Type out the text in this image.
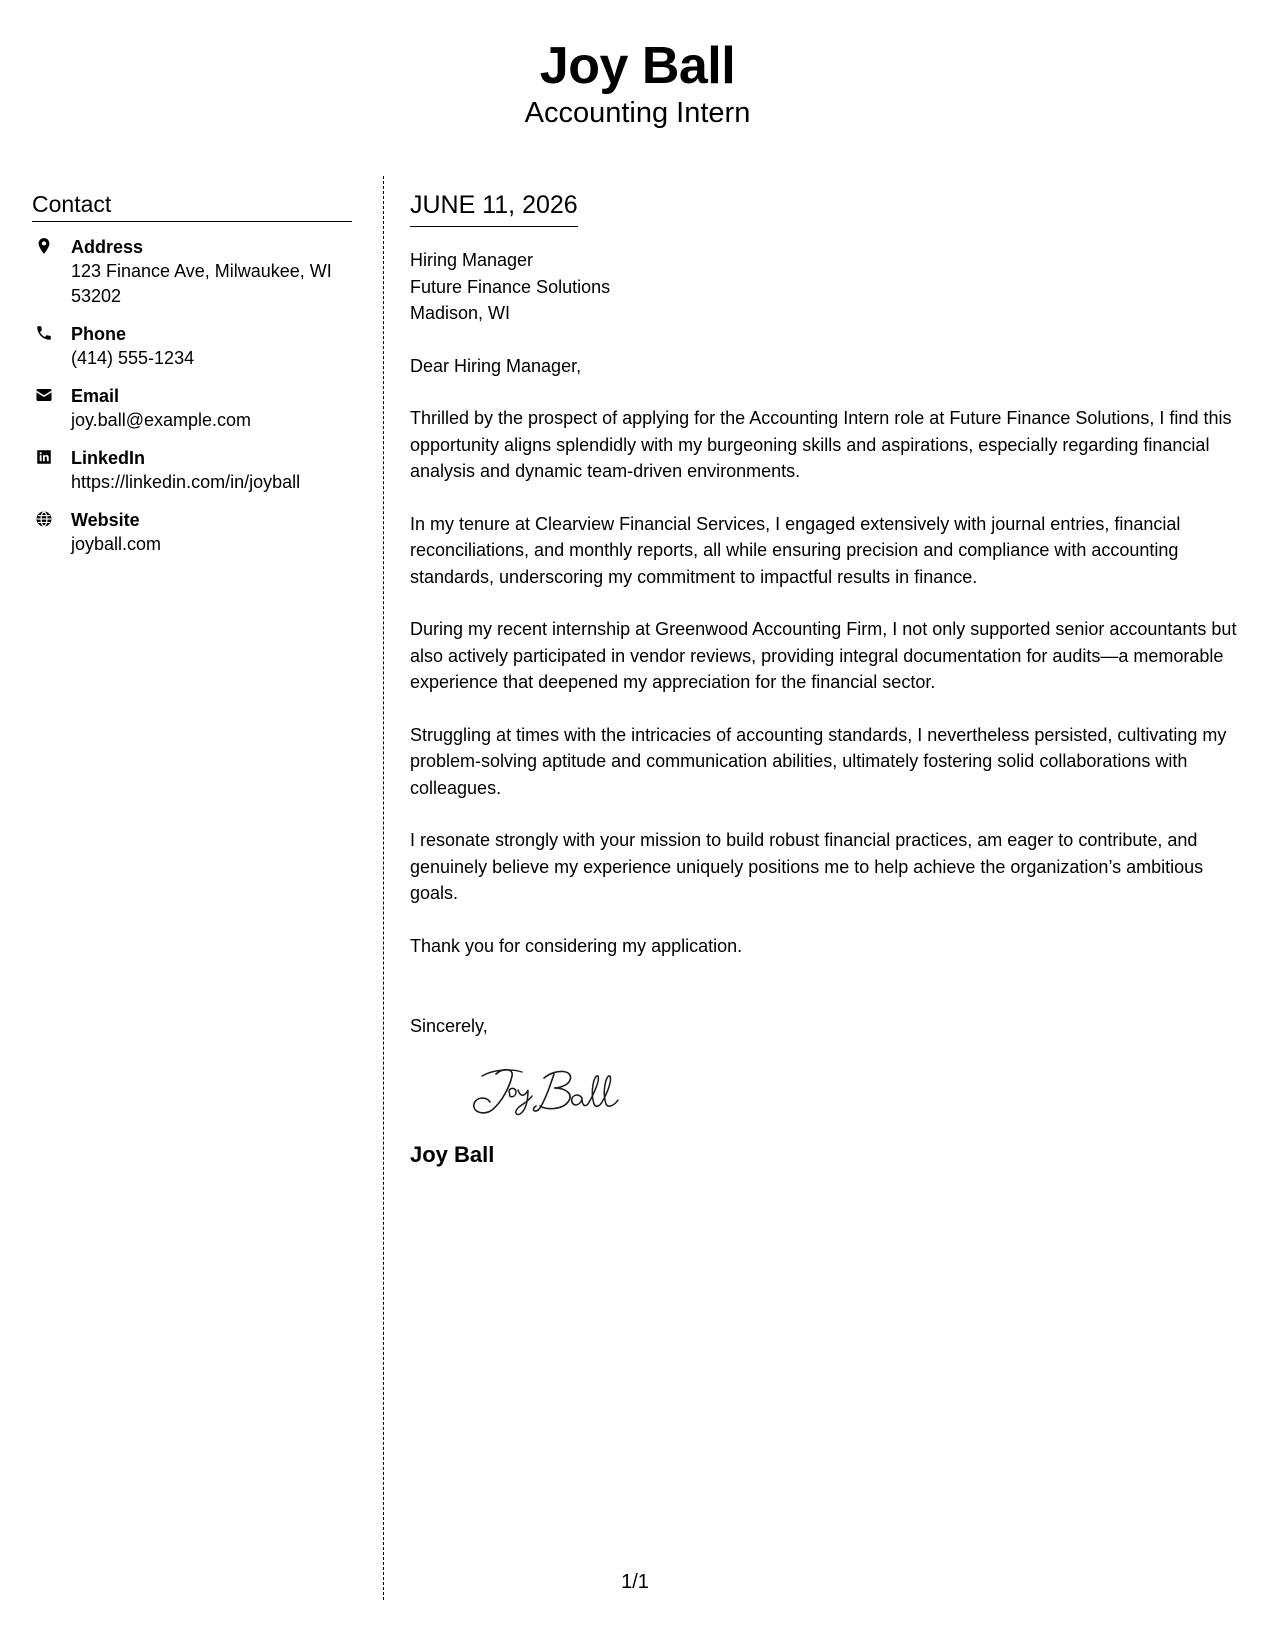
Joy Ball
Accounting Intern
Contact
Address
123 Finance Ave, Milwaukee, WI 53202
Phone
(414) 555-1234
Email
joy.ball@example.com
LinkedIn
https://linkedin.com/in/joyball
Website
joyball.com
JUNE 11, 2026
Hiring Manager
Future Finance Solutions
Madison, WI
Dear Hiring Manager,
Thrilled by the prospect of applying for the Accounting Intern role at Future Finance Solutions, I find this opportunity aligns splendidly with my burgeoning skills and aspirations, especially regarding financial analysis and dynamic team-driven environments.
In my tenure at Clearview Financial Services, I engaged extensively with journal entries, financial reconciliations, and monthly reports, all while ensuring precision and compliance with accounting standards, underscoring my commitment to impactful results in finance.
During my recent internship at Greenwood Accounting Firm, I not only supported senior accountants but also actively participated in vendor reviews, providing integral documentation for audits—a memorable experience that deepened my appreciation for the financial sector.
Struggling at times with the intricacies of accounting standards, I nevertheless persisted, cultivating my problem-solving aptitude and communication abilities, ultimately fostering solid collaborations with colleagues.
I resonate strongly with your mission to build robust financial practices, am eager to contribute, and genuinely believe my experience uniquely positions me to help achieve the organization’s ambitious goals.
Thank you for considering my application.
Sincerely,
Joy Ball
1/1
